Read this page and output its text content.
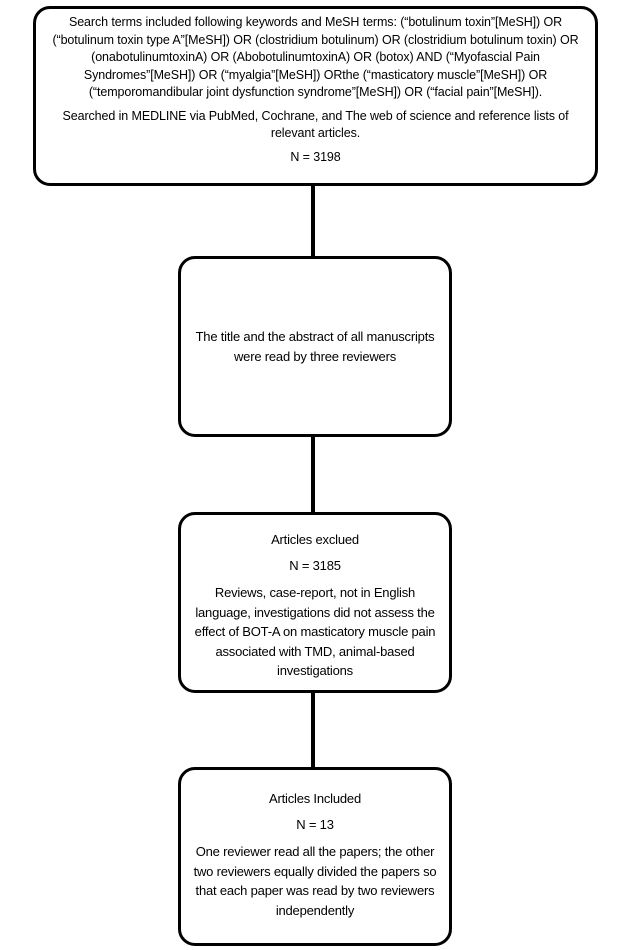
Search terms included following keywords and MeSH terms: (“botulinum toxin”[MeSH]) OR (“botulinum toxin type A”[MeSH]) OR (clostridium botulinum) OR (clostridium botulinum toxin) OR (onabotulinumtoxinA) OR (AbobotulinumtoxinA) OR (botox) AND (“Myofascial Pain Syndromes”[MeSH]) OR (“myalgia”[MeSH]) ORthe (“masticatory muscle”[MeSH]) OR (“temporomandibular joint dysfunction syndrome”[MeSH]) OR (“facial pain”[MeSH]).

Searched in MEDLINE via PubMed, Cochrane, and The web of science and reference lists of relevant articles.

N = 3198

The title and the abstract of all manuscripts were read by three reviewers

Articles exclued

N = 3185

Reviews, case-report, not in English language, investigations did not assess the effect of BOT-A on masticatory muscle pain associated with TMD, animal-based investigations

Articles Included

N = 13

One reviewer read all the papers; the other two reviewers equally divided the papers so that each paper was read by two reviewers independently
